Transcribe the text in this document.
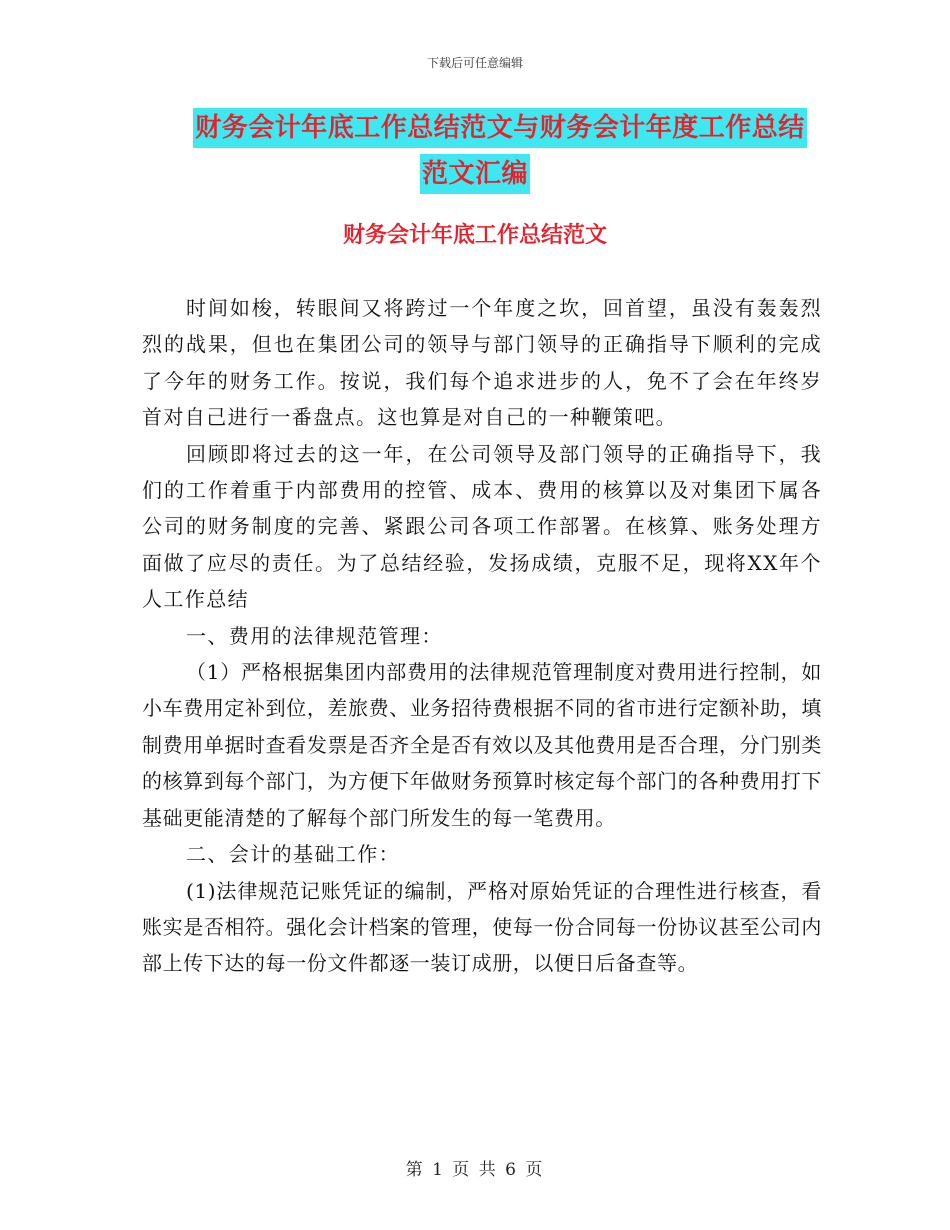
下载后可任意编辑
财务会计年底工作总结范文与财务会计年度工作总结
范文汇编
财务会计年底工作总结范文

时间如梭，转眼间又将跨过一个年度之坎，回首望，虽没有轰轰烈烈的战果，但也在集团公司的领导与部门领导的正确指导下顺利的完成了今年的财务工作。按说，我们每个追求进步的人，免不了会在年终岁首对自己进行一番盘点。这也算是对自己的一种鞭策吧。

回顾即将过去的这一年，在公司领导及部门领导的正确指导下，我们的工作着重于内部费用的控管、成本、费用的核算以及对集团下属各公司的财务制度的完善、紧跟公司各项工作部署。在核算、账务处理方面做了应尽的责任。为了总结经验，发扬成绩，克服不足，现将XX年个人工作总结

一、费用的法律规范管理：

（1）严格根据集团内部费用的法律规范管理制度对费用进行控制，如小车费用定补到位，差旅费、业务招待费根据不同的省市进行定额补助，填制费用单据时查看发票是否齐全是否有效以及其他费用是否合理，分门别类的核算到每个部门，为方便下年做财务预算时核定每个部门的各种费用打下基础更能清楚的了解每个部门所发生的每一笔费用。

二、会计的基础工作：

(1)法律规范记账凭证的编制，严格对原始凭证的合理性进行核查，看账实是否相符。强化会计档案的管理，使每一份合同每一份协议甚至公司内部上传下达的每一份文件都逐一装订成册，以便日后备查等。

第 1 页 共 6 页
